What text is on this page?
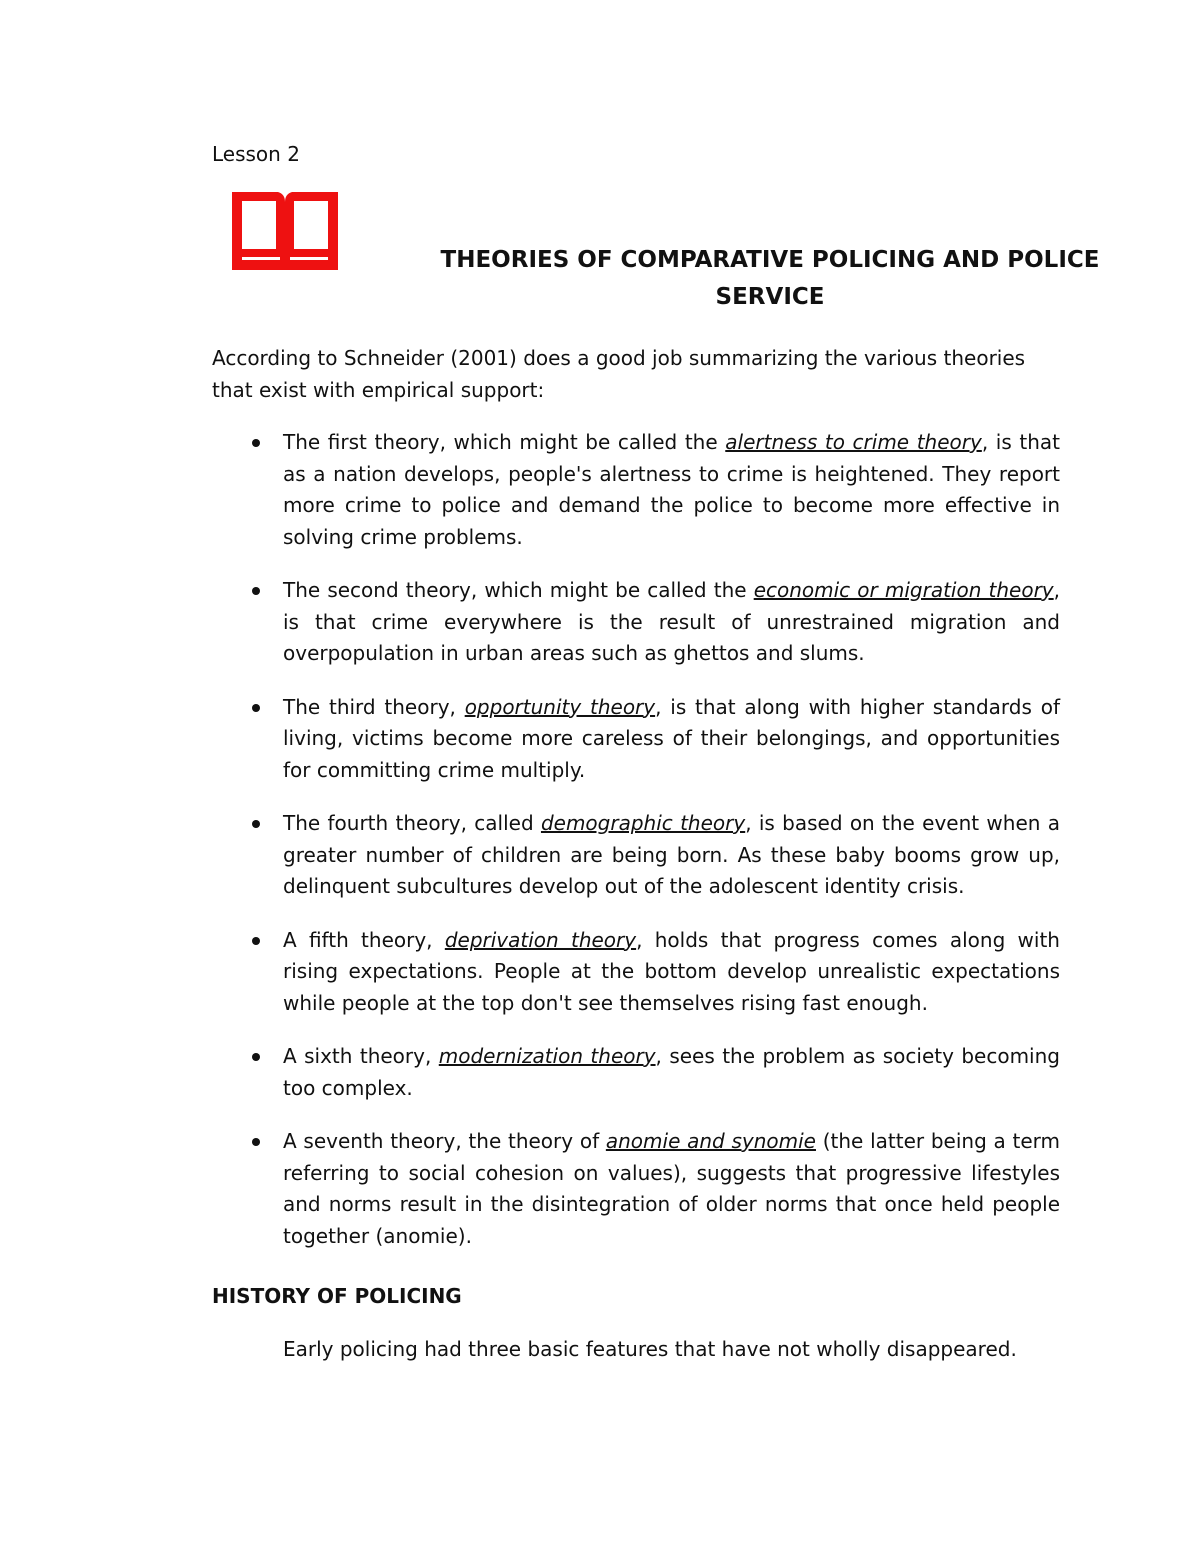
Lesson 2
THEORIES OF COMPARATIVE POLICING AND POLICE SERVICE
According to Schneider (2001) does a good job summarizing the various theories that exist with empirical support:
The first theory, which might be called the alertness to crime theory, is that as a nation develops, people's alertness to crime is heightened. They report more crime to police and demand the police to become more effective in solving crime problems.
The second theory, which might be called the economic or migration theory, is that crime everywhere is the result of unrestrained migration and overpopulation in urban areas such as ghettos and slums.
The third theory, opportunity theory, is that along with higher standards of living, victims become more careless of their belongings, and opportunities for committing crime multiply.
The fourth theory, called demographic theory, is based on the event when a greater number of children are being born. As these baby booms grow up, delinquent subcultures develop out of the adolescent identity crisis.
A fifth theory, deprivation theory, holds that progress comes along with rising expectations. People at the bottom develop unrealistic expectations while people at the top don't see themselves rising fast enough.
A sixth theory, modernization theory, sees the problem as society becoming too complex.
A seventh theory, the theory of anomie and synomie (the latter being a term referring to social cohesion on values), suggests that progressive lifestyles and norms result in the disintegration of older norms that once held people together (anomie).
HISTORY OF POLICING
Early policing had three basic features that have not wholly disappeared.
